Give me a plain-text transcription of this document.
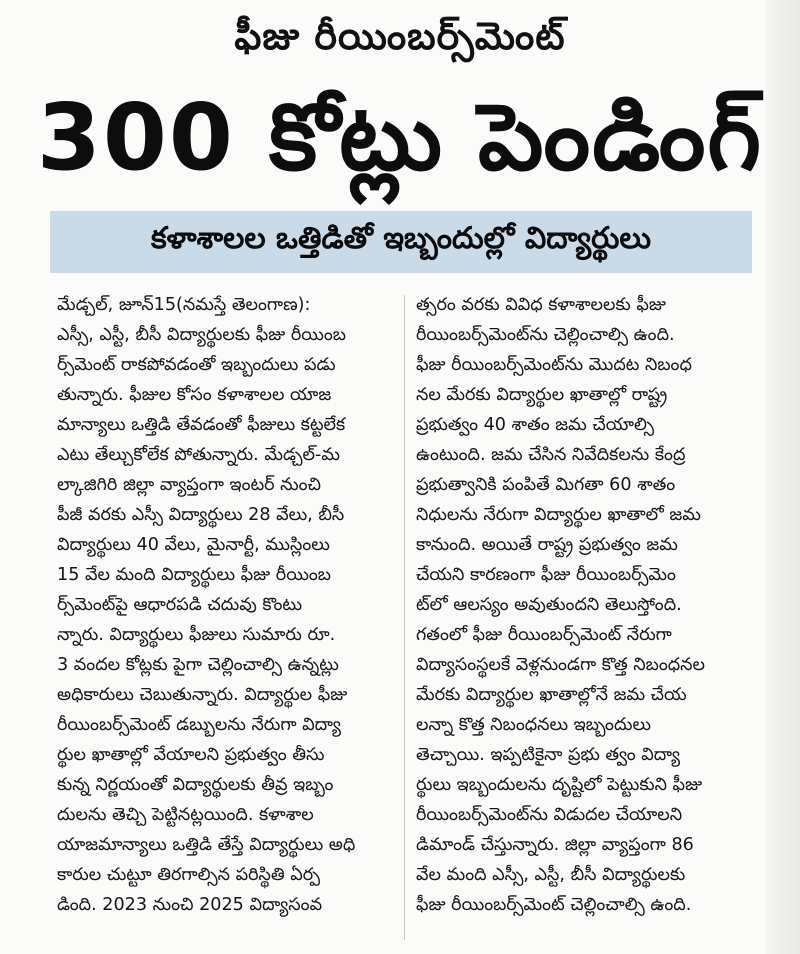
ఫీజు రీయింబర్స్‌మెంట్
300 కోట్లు పెండింగ్
కళాశాలల ఒత్తిడితో ఇబ్బందుల్లో విద్యార్థులు
మేడ్చల్, జూన్15(నమస్తే తెలంగాణ):
ఎస్సీ, ఎస్టీ, బీసీ విద్యార్థులకు ఫీజు రీయింబ
ర్స్‌మెంట్ రాకపోవడంతో ఇబ్బందులు పడు
తున్నారు. ఫీజుల కోసం కళాశాలల యాజ
మాన్యాలు ఒత్తిడి తేవడంతో ఫీజులు కట్టలేక
ఎటు తేల్చుకోలేక పోతున్నారు. మేడ్చల్-మ
ల్కాజిగిరి జిల్లా వ్యాప్తంగా ఇంటర్ నుంచి
పీజీ వరకు ఎస్సీ విద్యార్థులు 28 వేలు, బీసీ
విద్యార్థులు 40 వేలు, మైనార్టీ, ముస్లింలు
15 వేల మంది విద్యార్థులు ఫీజు రీయింబ
ర్స్‌మెంట్‌పై ఆధారపడి చదువు కొంటు
న్నారు. విద్యార్థులు ఫీజులు సుమారు రూ.
3 వందల కోట్లకు పైగా చెల్లించాల్సి ఉన్నట్లు
అధికారులు చెబుతున్నారు. విద్యార్థుల ఫీజు
రీయింబర్స్‌మెంట్ డబ్బులను నేరుగా విద్యా
ర్థుల ఖాతాల్లో వేయాలని ప్రభుత్వం తీసు
కున్న నిర్ణయంతో విద్యార్థులకు తీవ్ర ఇబ్బం
దులను తెచ్చి పెట్టినట్లయింది. కళాశాల
యాజమాన్యాలు ఒత్తిడి తేస్తే విద్యార్థులు అధి
కారుల చుట్టూ తిరగాల్సిన పరిస్థితి ఏర్ప
డింది. 2023 నుంచి 2025 విద్యాసంవ
త్సరం వరకు వివిధ కళాశాలలకు ఫీజు
రీయింబర్స్‌మెంట్‌ను చెల్లించాల్సి ఉంది.
ఫీజు రీయింబర్స్‌మెంట్‌ను మొదట నిబంధ
నల మేరకు విద్యార్థుల ఖాతాల్లో రాష్ట్ర
ప్రభుత్వం 40 శాతం జమ చేయాల్సి
ఉంటుంది. జమ చేసిన నివేదికలను కేంద్ర
ప్రభుత్వానికి పంపితే మిగతా 60 శాతం
నిధులను నేరుగా విద్యార్థుల ఖాతాలో జమ
కానుంది. అయితే రాష్ట్ర ప్రభుత్వం జమ
చేయని కారణంగా ఫీజు రీయింబర్స్‌మెం
ట్‌లో ఆలస్యం అవుతుందని తెలుస్తోంది.
గతంలో ఫీజు రీయింబర్స్‌మెంట్ నేరుగా
విద్యాసంస్థలకే వెళ్లనుండగా కొత్త నిబంధనల
మేరకు విద్యార్థుల ఖాతాల్లోనే జమ చేయ
లన్నా కొత్త నిబంధనలు ఇబ్బందులు
తెచ్చాయి. ఇప్పటికైనా ప్రభు త్వం విద్యా
ర్థులు ఇబ్బందులను దృష్టిలో పెట్టుకుని ఫీజు
రీయింబర్స్‌మెంట్‌ను విడుదల చేయాలని
డిమాండ్ చేస్తున్నారు. జిల్లా వ్యాప్తంగా 86
వేల మంది ఎస్సీ, ఎస్టీ, బీసీ విద్యార్థులకు
ఫీజు రీయింబర్స్‌మెంట్ చెల్లించాల్సి ఉంది.
